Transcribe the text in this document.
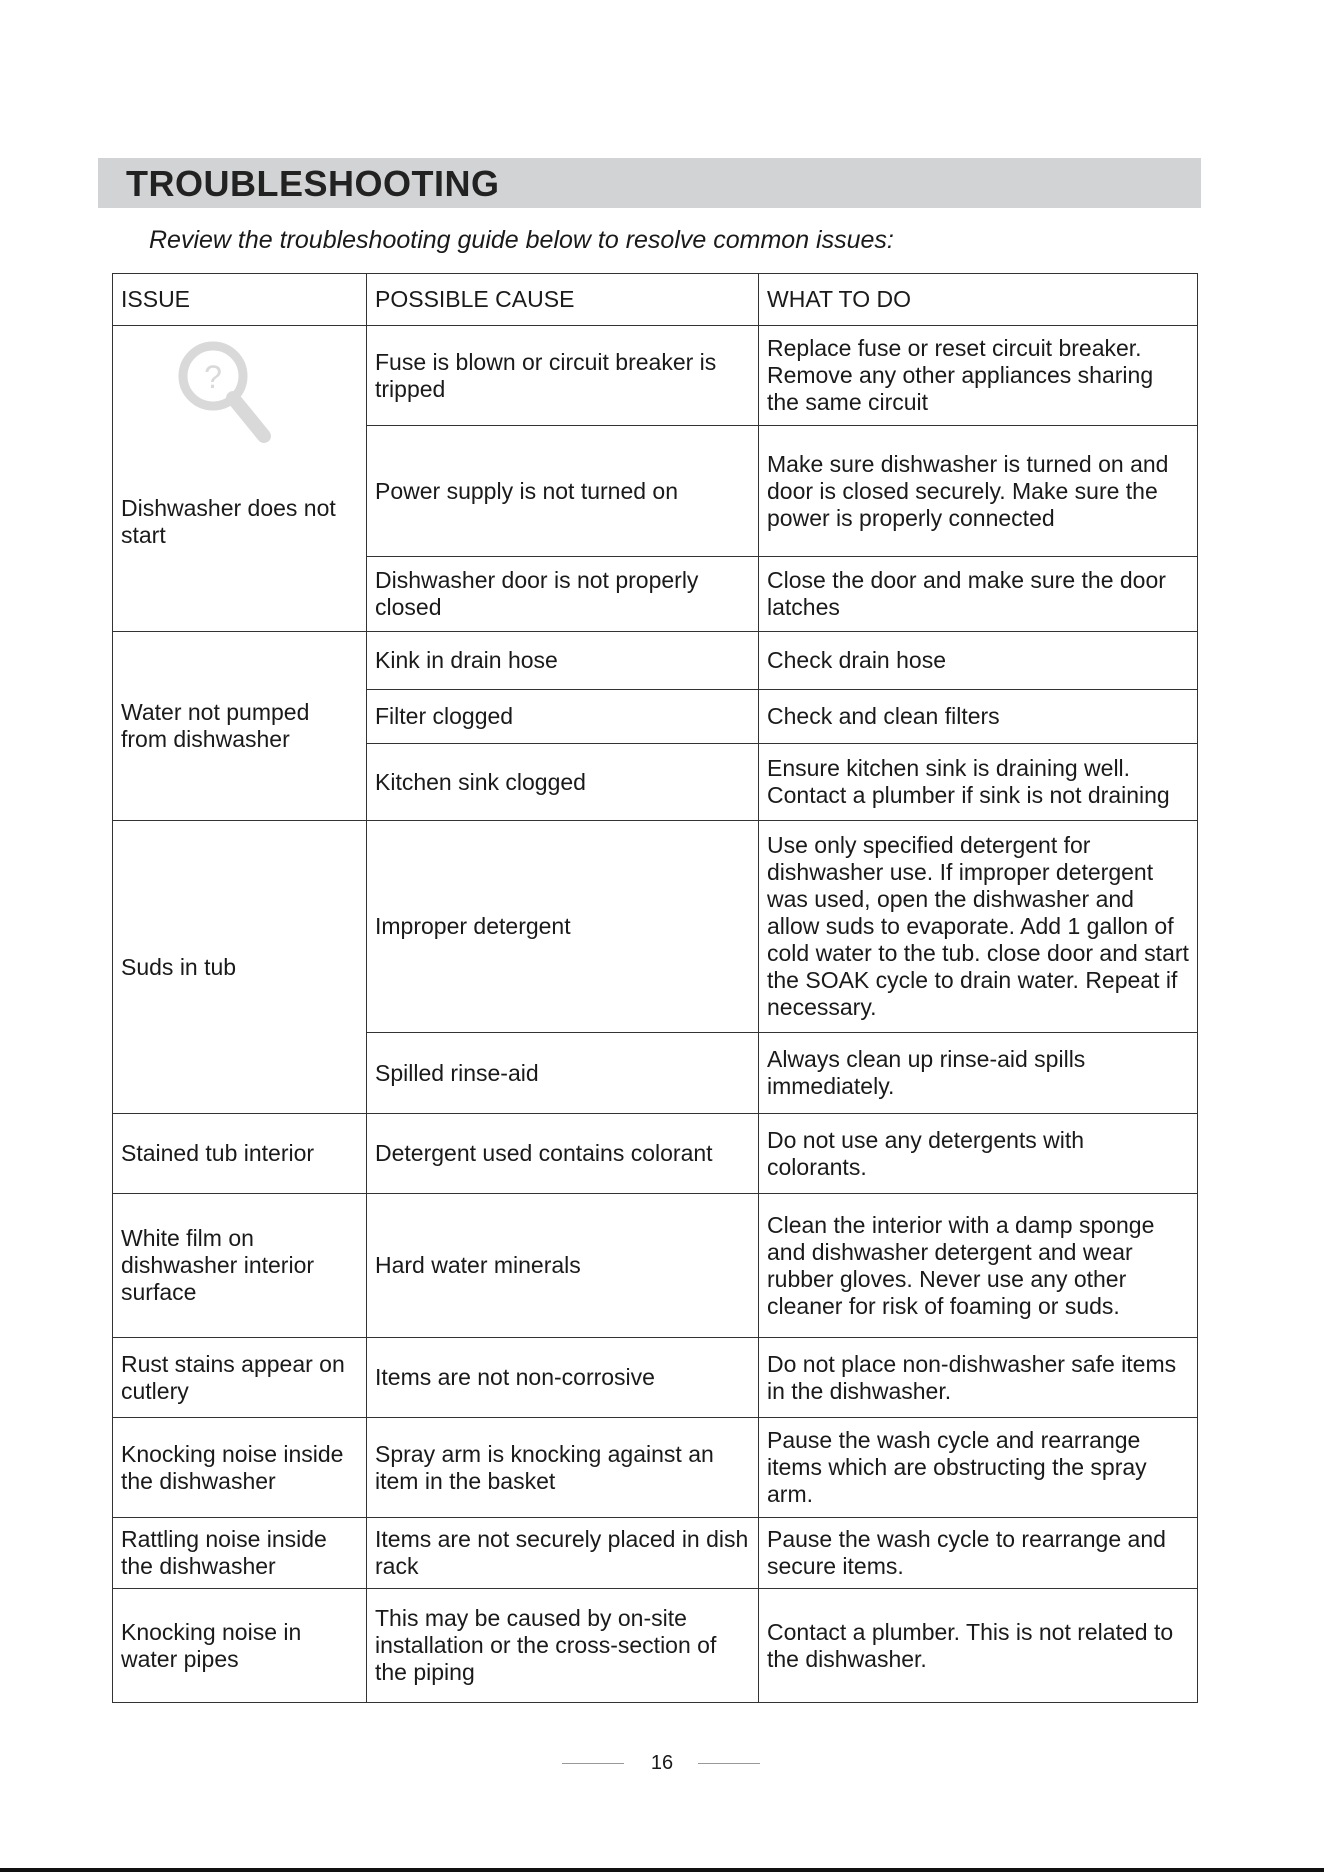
TROUBLESHOOTING
Review the troubleshooting guide below to resolve common issues:
ISSUE	POSSIBLE CAUSE	WHAT TO DO

?
Dishwasher does not start	Fuse is blown or circuit breaker is tripped	Replace fuse or reset circuit breaker. Remove any other appliances sharing the same circuit
	Power supply is not turned on	Make sure dishwasher is turned on and door is closed securely. Make sure the power is properly connected
	Dishwasher door is not properly closed	Close the door and make sure the door latches
Water not pumped from dishwasher	Kink in drain hose	Check drain hose
	Filter clogged	Check and clean filters
	Kitchen sink clogged	Ensure kitchen sink is draining well. Contact a plumber if sink is not draining
Suds in tub	Improper detergent	Use only specified detergent for dishwasher use. If improper detergent was used, open the dishwasher and allow suds to evaporate. Add 1 gallon of cold water to the tub. close door and start the SOAK cycle to drain water. Repeat if necessary.
	Spilled rinse-aid	Always clean up rinse-aid spills immediately.
Stained tub interior	Detergent used contains colorant	Do not use any detergents with colorants.
White film on dishwasher interior surface	Hard water minerals	Clean the interior with a damp sponge and dishwasher detergent and wear rubber gloves. Never use any other cleaner for risk of foaming or suds.
Rust stains appear on cutlery	Items are not non-corrosive	Do not place non-dishwasher safe items in the dishwasher.
Knocking noise inside the dishwasher	Spray arm is knocking against an item in the basket	Pause the wash cycle and rearrange items which are obstructing the spray arm.
Rattling noise inside the dishwasher	Items are not securely placed in dish rack	Pause the wash cycle to rearrange and secure items.
Knocking noise in water pipes	This may be caused by on-site installation or the cross-section of the piping	Contact a plumber. This is not related to the dishwasher.
16
